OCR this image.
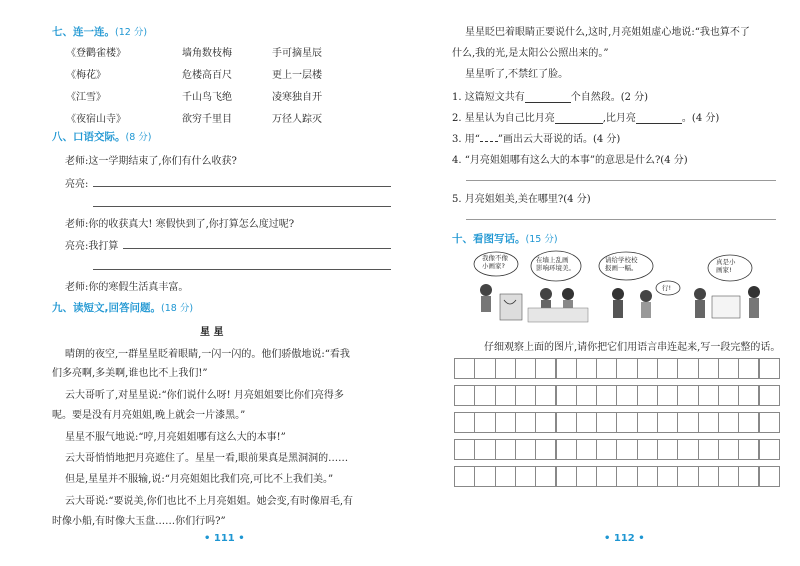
七、连一连。(12 分)
《登鹳雀楼》	墙角数枝梅	手可摘星辰
《梅花》	危楼高百尺	更上一层楼
《江雪》	千山鸟飞绝	凌寒独自开
《夜宿山寺》	欲穷千里目	万径人踪灭
八、口语交际。(8 分)
老师:这一学期结束了,你们有什么收获?
亮亮:
老师:你的收获真大! 寒假快到了,你打算怎么度过呢?
亮亮:我打算
老师:你的寒假生活真丰富。
九、读短文,回答问题。(18 分)
星 星
晴朗的夜空,一群星星眨着眼睛,一闪一闪的。他们骄傲地说:“看我
们多亮啊,多美啊,谁也比不上我们!”
云大哥听了,对星星说:“你们说什么呀! 月亮姐姐要比你们亮得多
呢。要是没有月亮姐姐,晚上就会一片漆黑。”
星星不服气地说:“哼,月亮姐姐哪有这么大的本事!”
云大哥悄悄地把月亮遮住了。星星一看,眼前果真是黑洞洞的……
但是,星星并不服输,说:“月亮姐姐比我们亮,可比不上我们美。”
云大哥说:“要说美,你们也比不上月亮姐姐。她会变,有时像眉毛,有
时像小船,有时像大玉盘……你们行吗?”
• 111 •
星星眨巴着眼睛正要说什么,这时,月亮姐姐虚心地说:“我也算不了
什么,我的光,是太阳公公照出来的。”
星星听了,不禁红了脸。
1. 这篇短文共有	个自然段。(2 分)
2. 星星认为自己比月亮	,比月亮	。(4 分)
3. 用“ ”画出云大哥说的话。(4 分)
4. “月亮姐姐哪有这么大的本事”的意思是什么?(4 分)
5. 月亮姐姐美,美在哪里?(4 分)
十、看图写话。(15 分)
我像不像小画家?
在墙上乱画影响环境美。
请给学校校报画一幅。
行!
真是小画家!
仔细观察上面的图片,请你把它们用语言串连起来,写一段完整的话。
• 112 •
